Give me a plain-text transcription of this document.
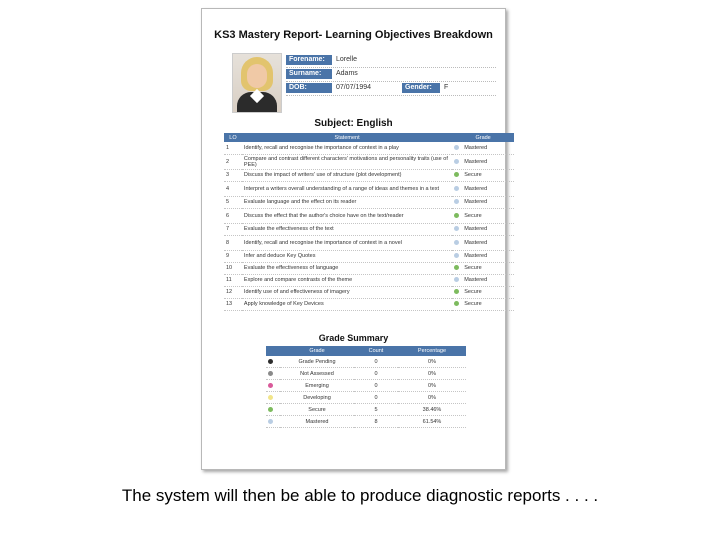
KS3 Mastery Report- Learning Objectives Breakdown
Forename:	Lorelle
Surname:	Adams
DOB:	07/07/1994	Gender:	F
Subject: English
LO	Statement	Grade
1	Identify, recall and recognise the importance of context in a play	Mastered
2	Compare and contrast different characters' motivations and personality traits (use of PEE)	Mastered
3	Discuss the impact of writers' use of structure (plot development)	Secure
4	Interpret a writers overall understanding of a range of ideas and themes in a text	Mastered
5	Evaluate language and the effect on its reader	Mastered
6	Discuss the effect that the author's choice have on the text/reader	Secure
7	Evaluate the effectiveness of the text	Mastered
8	Identify, recall and recognise the importance of context in a novel	Mastered
9	Infer and deduce Key Quotes	Mastered
10	Evaluate the effectiveness of language	Secure
11	Explore and compare contrasts of the theme	Mastered
12	Identify use of and effectiveness of imagery	Secure
13	Apply knowledge of Key Devices	Secure
Grade Summary
	Grade	Count	Percentage
	Grade Pending	0	0%
	Not Assessed	0	0%
	Emerging	0	0%
	Developing	0	0%
	Secure	5	38.46%
	Mastered	8	61.54%
The system will then be able to produce diagnostic reports . . . .
